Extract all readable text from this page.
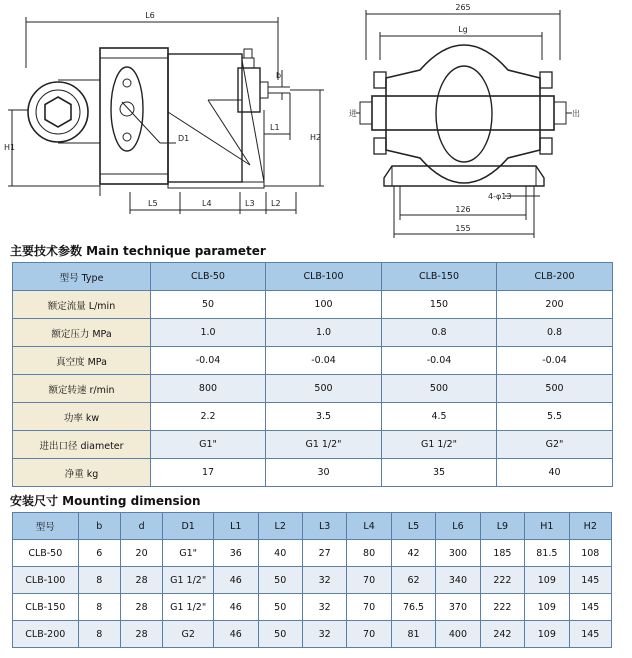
L6
H1
D1
b
L1
H2
L5	L4	L3 L2
265
Lg
进	出
4-φ13
126
155
主要技术参数 Main technique parameter
型号 Type	CLB-50	CLB-100	CLB-150	CLB-200
额定流量 L/min	50	100	150	200
额定压力 MPa	1.0	1.0	0.8	0.8
真空度 MPa	-0.04	-0.04	-0.04	-0.04
额定转速 r/min	800	500	500	500
功率 kw	2.2	3.5	4.5	5.5
进出口径 diameter	G1"	G1 1/2"	G1 1/2"	G2"
净重 kg	17	30	35	40
安装尺寸 Mounting dimension
型号	b	d	D1	L1	L2	L3	L4	L5	L6	L9	H1	H2
CLB-50	6	20	G1"	36	40	27	80	42	300	185	81.5	108
CLB-100	8	28	G1 1/2"	46	50	32	70	62	340	222	109	145
CLB-150	8	28	G1 1/2"	46	50	32	70	76.5	370	222	109	145
CLB-200	8	28	G2	46	50	32	70	81	400	242	109	145
